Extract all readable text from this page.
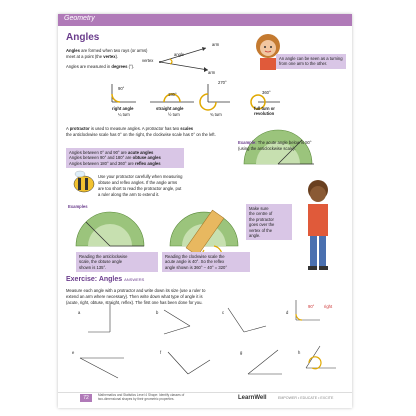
Geometry
Angles
Angles are formed when two rays (or arms)
meet at a point (the vertex).
Angles are measured in degrees (°).
arm
arm
vertex
angle
An angle can be seen as a turning from one arm to the other.
90°
right angle
¼ turn
180°
straight angle
½ turn
270°
¾ turn
360°
full turn or revolution
A protractor is used to measure angles. A protractor has two scales
the anticlockwise scale has 0° on the right, the clockwise scale has 0° on the left.
Example: The acute angle below is 50°
(using the anticlockwise scale).
Angles between 0° and 90° are acute angles
Angles between 90° and 180° are obtuse angles
Angles between 180° and 360° are reflex angles
Use your protractor carefully when measuring
obtuse and reflex angles. If the angle arms
are too short to read the protractor angle, put
a ruler along the arm to extend it.
Examples	Make sure
the centre of
the protractor
goes over the
vertex of the
angle.
Reading the anticlockwise
scale, the obtuse angle
shown is 135°.
Reading the clockwise scale the
acute angle is 40°. So the reflex
angle shown is 360° − 40° = 320°
Exercise: Angles ANSWERS
Measure each angle with a protractor and write down its size (use a ruler to
extend an arm where necessary). Then write down what type of angle it is
(acute, right, obtuse, straight, reflex). The first one has been done for you.
a	b	c	d
e	f	g	h
90° right
72	Mathematics and Statistics Level 4 Shape: Identify classes of two-dimensional shapes by their geometric properties.	LearnWell	EMPOWER • EDUCATE • EXCITE
